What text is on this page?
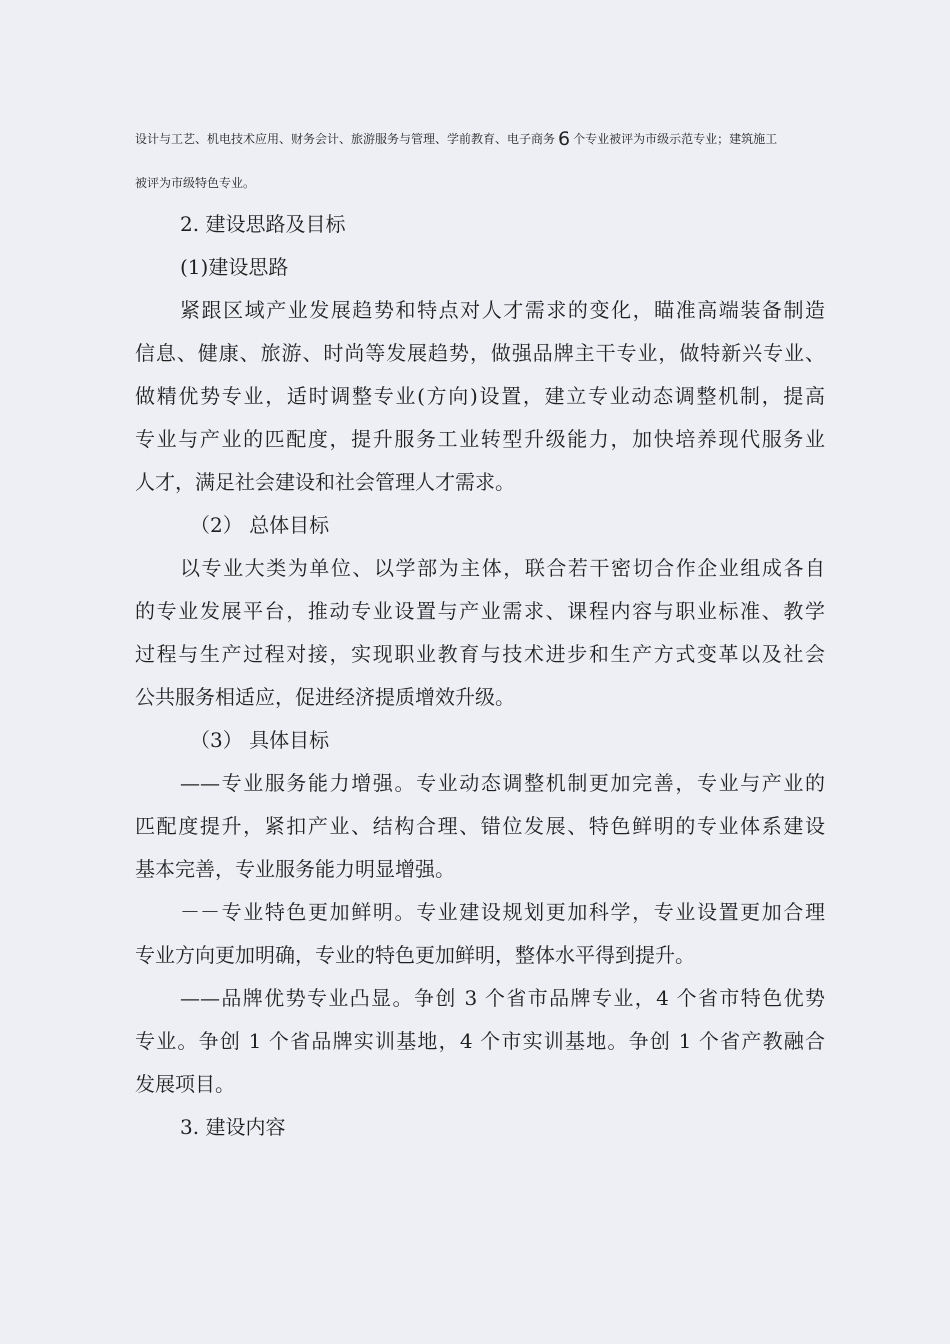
设计与工艺、机电技术应用、财务会计、旅游服务与管理、学前教育、电子商务 6 个专业被评为市级示范专业；建筑施工
被评为市级特色专业。
2. 建设思路及目标
(1)建设思路
紧跟区域产业发展趋势和特点对人才需求的变化，瞄准高端装备制造
信息、健康、旅游、时尚等发展趋势，做强品牌主干专业，做特新兴专业、
做精优势专业，适时调整专业(方向)设置，建立专业动态调整机制，提高
专业与产业的匹配度，提升服务工业转型升级能力，加快培养现代服务业
人才，满足社会建设和社会管理人才需求。
（2） 总体目标
以专业大类为单位、以学部为主体，联合若干密切合作企业组成各自
的专业发展平台，推动专业设置与产业需求、课程内容与职业标准、教学
过程与生产过程对接，实现职业教育与技术进步和生产方式变革以及社会
公共服务相适应，促进经济提质增效升级。
（3） 具体目标
——专业服务能力增强。专业动态调整机制更加完善，专业与产业的
匹配度提升，紧扣产业、结构合理、错位发展、特色鲜明的专业体系建设
基本完善，专业服务能力明显增强。
－－专业特色更加鲜明。专业建设规划更加科学，专业设置更加合理
专业方向更加明确，专业的特色更加鲜明，整体水平得到提升。
——品牌优势专业凸显。争创 3 个省市品牌专业，4 个省市特色优势
专业。争创 1 个省品牌实训基地，4 个市实训基地。争创 1 个省产教融合
发展项目。
3. 建设内容
